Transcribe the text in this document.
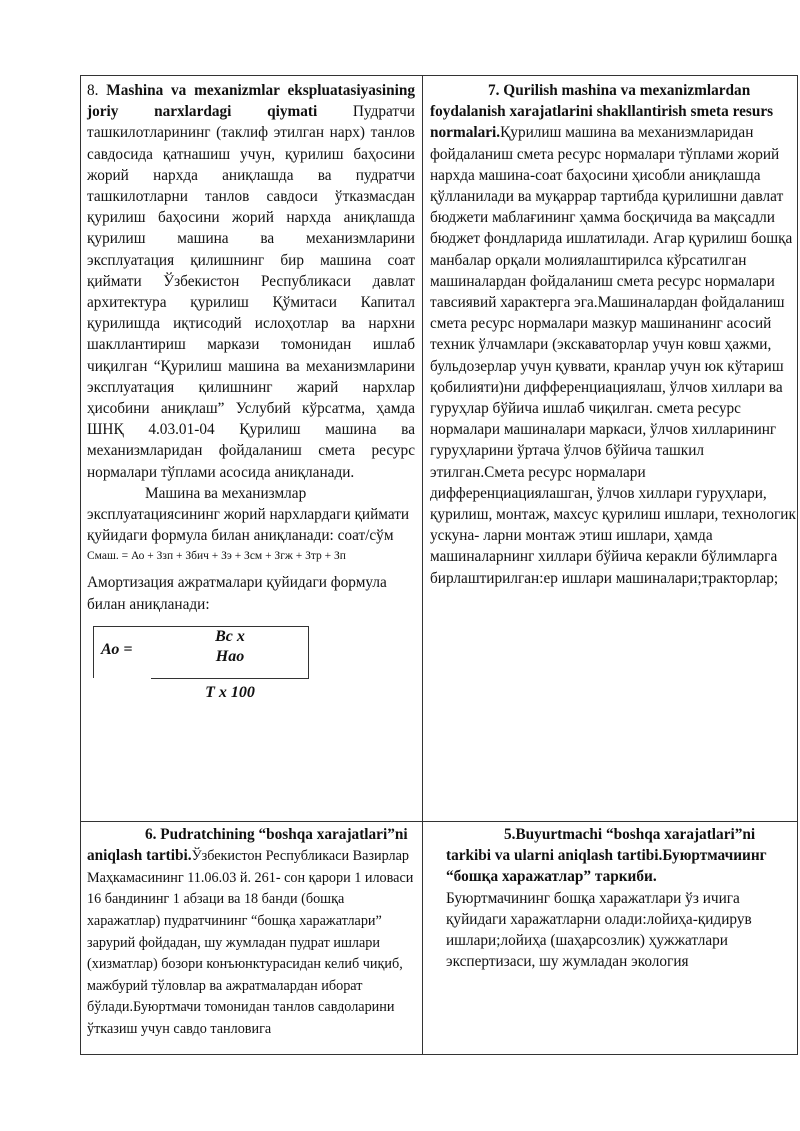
8. Mashina va mexanizmlar ekspluatasiyasining joriy narxlardagi qiymati Пудратчи ташкилотларининг (таклиф этилган нарх) танлов савдосида қатнашиш учун, қурилиш баҳосини жорий нархда аниқлашда ва пудратчи ташкилотларни танлов савдоси ўтказмасдан қурилиш баҳосини жорий нархда аниқлашда қурилиш машина ва механизмларини эксплуатация қилишнинг бир машина соат қиймати Ўзбекистон Республикаси давлат архитектура қурилиш Қўмитаси Капитал қурилишда иқтисодий ислоҳотлар ва нархни шакллантириш маркази томонидан ишлаб чиқилган “Қурилиш машина ва механизмларини эксплуатация қилишнинг жарий нархлар ҳисобини аниқлаш” Услубий кўрсатма, ҳамда ШНҚ 4.03.01-04 Қурилиш машина ва механизмларидан фойдаланиш смета ресурс нормалари тўплами асосида аниқланади.

Машина ва механизмлар эксплуатациясининг жорий нархлардаги қиймати қуйидаги формула билан аниқланади: соат/сўм

Смаш. = Ао + Ззп + Збич + Зэ + Зсм + Згж + Зтр + Зп

Амортизация ажратмалари қуйидаги формула билан аниқланади:

Ао =
Вс х
Нао
Т х 100

7. Qurilish mashina va mexanizmlardan foydalanish xarajatlarini shakllantirish smeta resurs normalari.Қурилиш машина ва механизмларидан фойдаланиш смета ресурс нормалари тўплами жорий нархда машина-соат баҳосини ҳисобли аниқлашда қўлланилади ва муқаррар тартибда қурилишни давлат бюджети маблағининг ҳамма босқичида ва мақсадли бюджет фондларида ишлатилади. Агар қурилиш бошқа манбалар орқали молиялаштирилса кўрсатилган машиналардан фойдаланиш смета ресурс нормалари тавсиявий характерга эга.Машиналардан фойдаланиш смета ресурс нормалари мазкур машинанинг асосий техник ўлчамлари (экскаваторлар учун ковш ҳажми, бульдозерлар учун қуввати, кранлар учун юк кўтариш қобилияти)ни дифференциациялаш, ўлчов хиллари ва гуруҳлар бўйича ишлаб чиқилган. смета ресурс нормалари машиналари маркаси, ўлчов хилларининг гуруҳларини ўртача ўлчов бўйича ташкил этилган.Смета ресурс нормалари дифференциациялашган, ўлчов хиллари гуруҳлари, қурилиш, монтаж, махсус қурилиш ишлари, технологик ускуна- ларни монтаж этиш ишлари, ҳамда машиналарнинг хиллари бўйича керакли бўлимларга бирлаштирилган:ер ишлари машиналари;тракторлар;

6. Pudratchining “boshqa xarajatlari”ni aniqlash tartibi.Ўзбекистон Республикаси Вазирлар Маҳкамасининг 11.06.03 й. 261- сон қарори 1 иловаси 16 бандининг 1 абзаци ва 18 банди (бошқа харажатлар) пудратчининг “бошқа харажатлари” зарурий фойдадан, шу жумладан пудрат ишлари (хизматлар) бозори конъюнктурасидан келиб чиқиб, мажбурий тўловлар ва ажратмалардан иборат бўлади.Буюртмачи томонидан танлов савдоларини ўтказиш учун савдо танловига

5.Buyurtmachi “boshqa xarajatlari”ni tarkibi va ularni aniqlash tartibi.Буюртмачиинг “бошқа харажатлар” таркиби.

Буюртмачининг бошқа харажатлари ўз ичига қуйидаги харажатларни олади:лойиҳа-қидирув ишлари;лойиҳа (шаҳарсозлик) ҳужжатлари экспертизаси, шу жумладан экология
